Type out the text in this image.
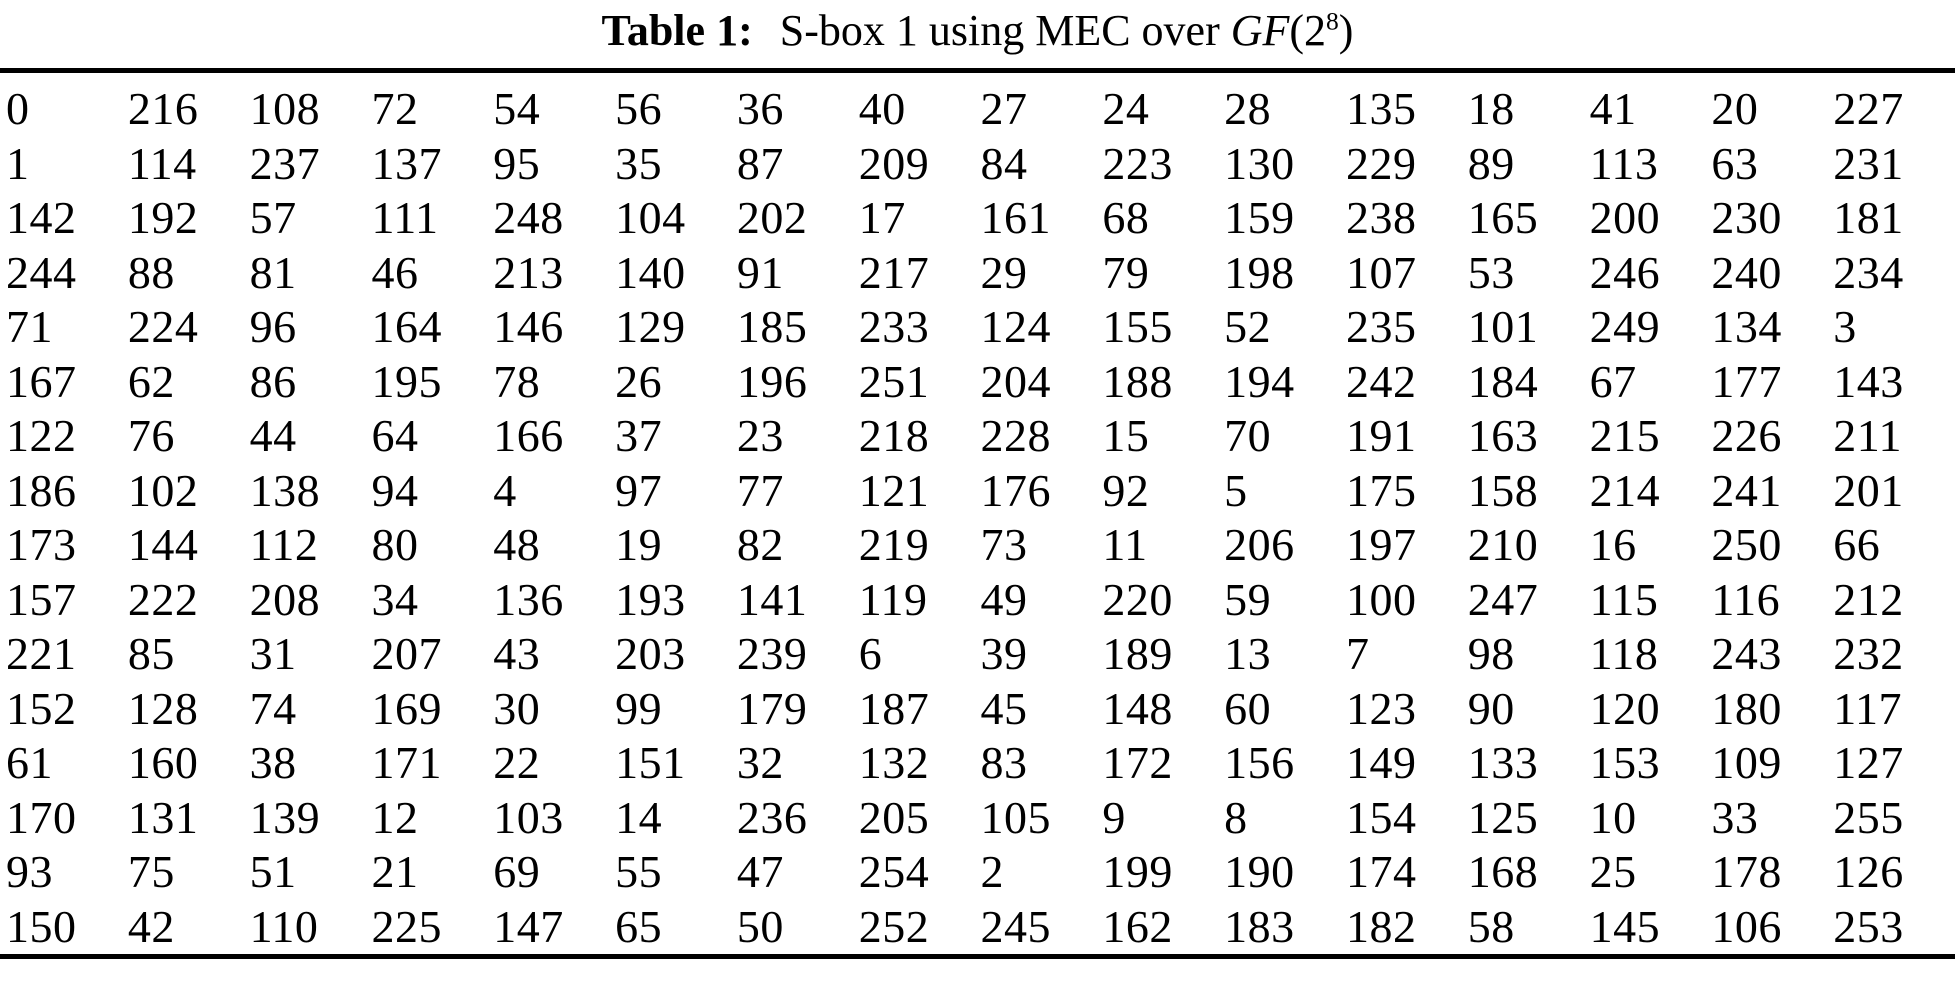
Table 1: S-box 1 using MEC over $GF(2^8)$
0	216	108	72	54	56	36	40	27	24	28	135	18	41	20	227
1	114	237	137	95	35	87	209	84	223	130	229	89	113	63	231
142	192	57	111	248	104	202	17	161	68	159	238	165	200	230	181
244	88	81	46	213	140	91	217	29	79	198	107	53	246	240	234
71	224	96	164	146	129	185	233	124	155	52	235	101	249	134	3
167	62	86	195	78	26	196	251	204	188	194	242	184	67	177	143
122	76	44	64	166	37	23	218	228	15	70	191	163	215	226	211
186	102	138	94	4	97	77	121	176	92	5	175	158	214	241	201
173	144	112	80	48	19	82	219	73	11	206	197	210	16	250	66
157	222	208	34	136	193	141	119	49	220	59	100	247	115	116	212
221	85	31	207	43	203	239	6	39	189	13	7	98	118	243	232
152	128	74	169	30	99	179	187	45	148	60	123	90	120	180	117
61	160	38	171	22	151	32	132	83	172	156	149	133	153	109	127
170	131	139	12	103	14	236	205	105	9	8	154	125	10	33	255
93	75	51	21	69	55	47	254	2	199	190	174	168	25	178	126
150	42	110	225	147	65	50	252	245	162	183	182	58	145	106	253
